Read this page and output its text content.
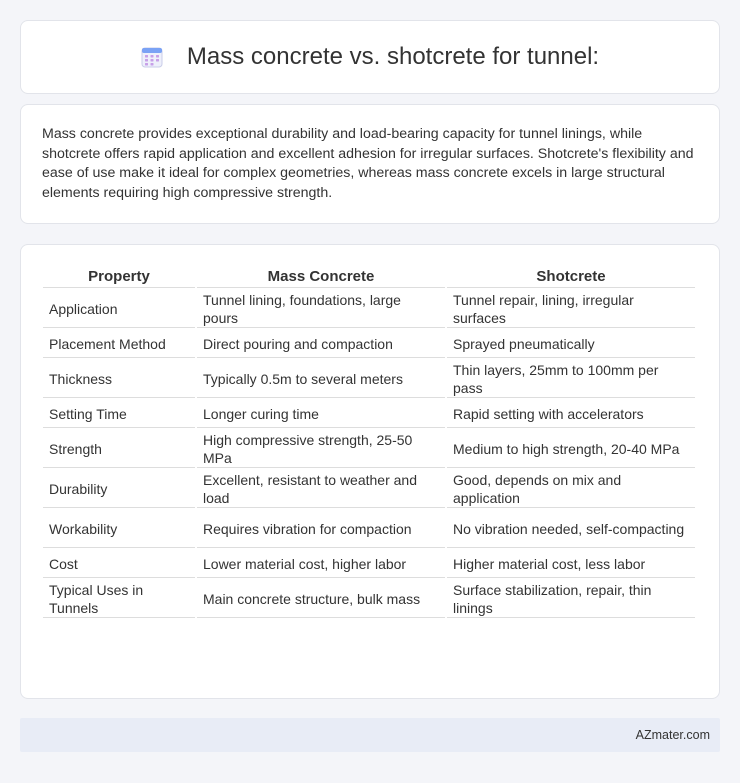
Mass concrete vs. shotcrete for tunnel:

Mass concrete provides exceptional durability and load-bearing capacity for tunnel linings, while shotcrete offers rapid application and excellent adhesion for irregular surfaces. Shotcrete's flexibility and ease of use make it ideal for complex geometries, whereas mass concrete excels in large structural elements requiring high compressive strength.

Property	Mass Concrete	Shotcrete
Application	Tunnel lining, foundations, large pours	Tunnel repair, lining, irregular surfaces
Placement Method	Direct pouring and compaction	Sprayed pneumatically
Thickness	Typically 0.5m to several meters	Thin layers, 25mm to 100mm per pass
Setting Time	Longer curing time	Rapid setting with accelerators
Strength	High compressive strength, 25-50 MPa	Medium to high strength, 20-40 MPa
Durability	Excellent, resistant to weather and load	Good, depends on mix and application
Workability	Requires vibration for compaction	No vibration needed, self-compacting
Cost	Lower material cost, higher labor	Higher material cost, less labor
Typical Uses in Tunnels	Main concrete structure, bulk mass	Surface stabilization, repair, thin linings
AZmater.com
